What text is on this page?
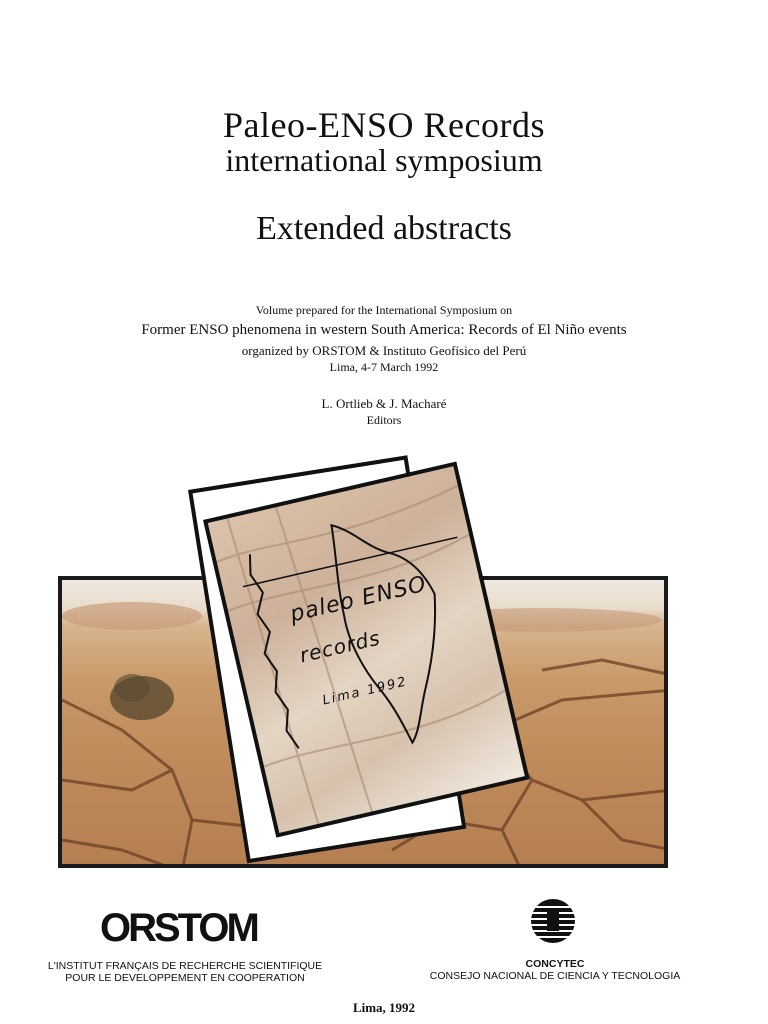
Paleo-ENSO Records
international symposium
Extended abstracts
Volume prepared for the International Symposium on
Former ENSO phenomena in western South America: Records of El Niño events
organized by ORSTOM & Instituto Geofísico del Perú
Lima, 4-7 March 1992
L. Ortlieb & J. Macharé
Editors
paleo ENSO
records
Lima 1992
ORSTOM
L'INSTITUT FRANÇAIS DE RECHERCHE SCIENTIFIQUE
POUR LE DEVELOPPEMENT EN COOPERATION
CONCYTEC
CONSEJO NACIONAL DE CIENCIA Y TECNOLOGIA
Lima, 1992
